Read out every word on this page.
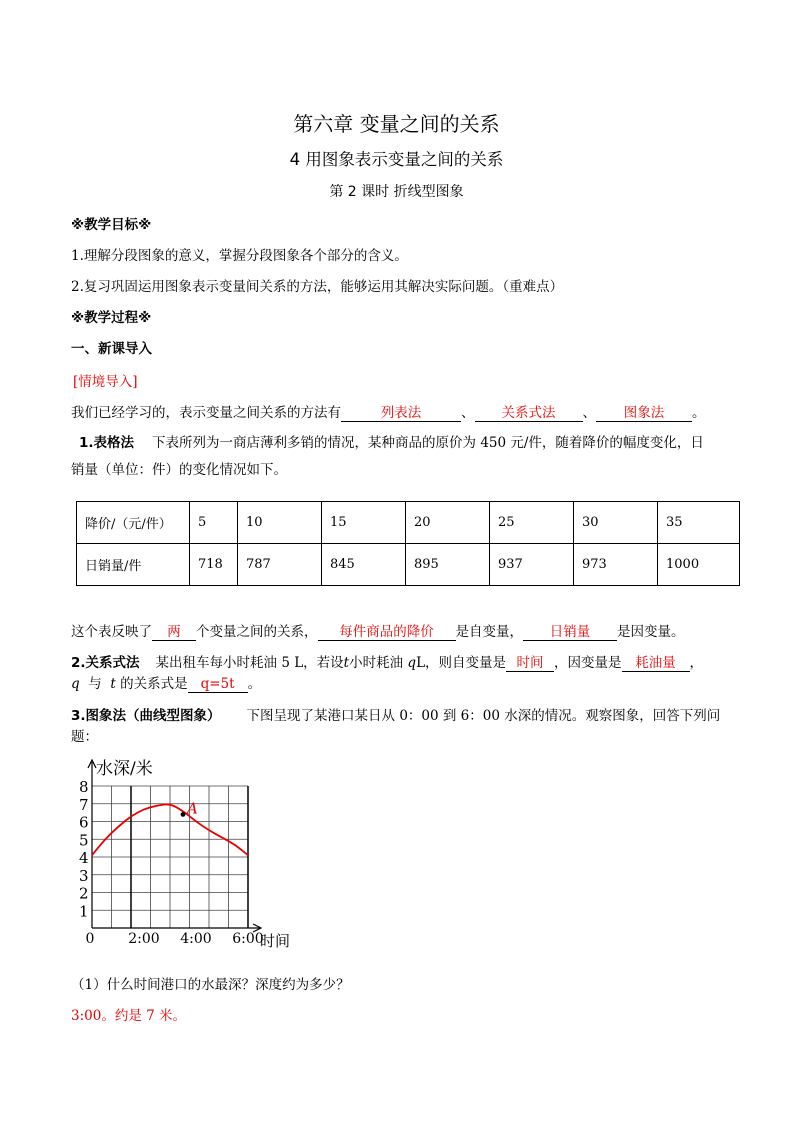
第六章 变量之间的关系
4 用图象表示变量之间的关系
第 2 课时 折线型图象
※教学目标※
1.理解分段图象的意义，掌握分段图象各个部分的含义。
2.复习巩固运用图象表示变量间关系的方法，能够运用其解决实际问题。（重难点）
※教学过程※
一、新课导入
[情境导入]
我们已经学习的，表示变量之间关系的方法有	列表法	、 关系式法 、 图象法 。
1.表格法 下表所列为一商店薄利多销的情况，某种商品的原价为 450 元/件，随着降价的幅度变化，日
销量（单位：件）的变化情况如下。
降价/（元/件）	5	10	15	20	25	30	35
日销量/件	718	787	845	895	937	973	1000
这个表反映了 两 个变量之间的关系， 每件商品的降价 是自变量， 日销量 是因变量。
2.关系式法 某出租车每小时耗油 5 L，若设t小时耗油 qL，则自变量是 时间 ，因变量是 耗油量 ，
q 与 t 的关系式是 q=5t 。
3.图象法（曲线型图象） 下图呈现了某港口某日从 0：00 到 6：00 水深的情况。观察图象，回答下列问
题：
1
2
3
4
5
6
7
8
0 2:00 4:00 6:00
水深/米
时间
A
（1）什么时间港口的水最深？深度约为多少？
3:00。约是 7 米。
